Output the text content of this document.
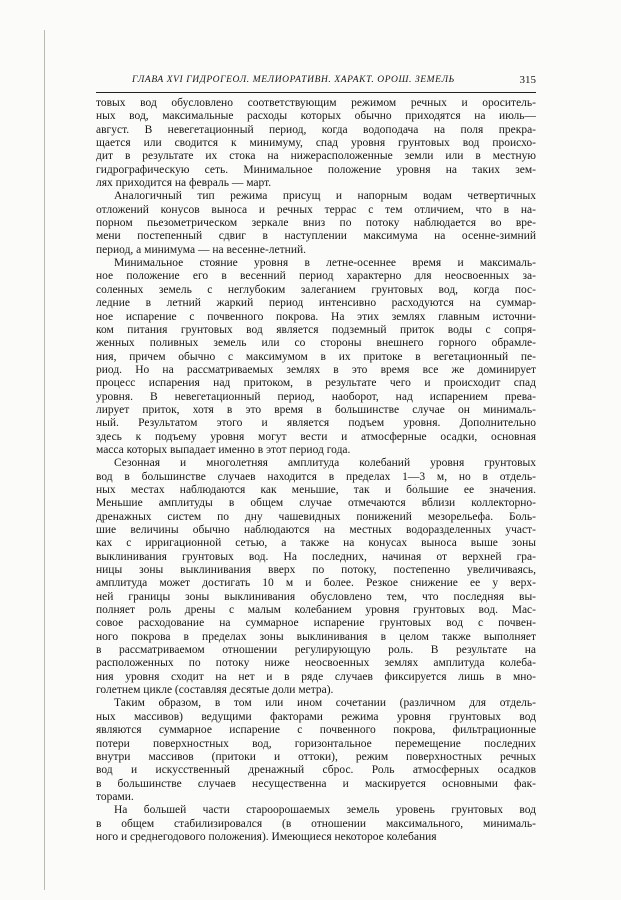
ГЛАВА XVI ГИДРОГЕОЛ. МЕЛИОРАТИВН. ХАРАКТ. ОРОШ. ЗЕМЕЛЬ	315
товых вод обусловлено соответствующим режимом речных и ороситель-
ных вод, максимальные расходы которых обычно приходятся на июль—
август. В невегетационный период, когда водоподача на поля прекра-
щается или сводится к минимуму, спад уровня грунтовых вод происхо-
дит в результате их стока на нижерасположенные земли или в местную
гидрографическую сеть. Минимальное положение уровня на таких зем-
лях приходится на февраль — март.
Аналогичный тип режима присущ и напорным водам четвертичных
отложений конусов выноса и речных террас с тем отличием, что в на-
порном пьезометрическом зеркале вниз по потоку наблюдается во вре-
мени постепенный сдвиг в наступлении максимума на осенне-зимний
период, а минимума — на весенне-летний.
Минимальное стояние уровня в летне-осеннее время и максималь-
ное положение его в весенний период характерно для неосвоенных за-
соленных земель с неглубоким залеганием грунтовых вод, когда пос-
ледние в летний жаркий период интенсивно расходуются на суммар-
ное испарение с почвенного покрова. На этих землях главным источни-
ком питания грунтовых вод является подземный приток воды с сопря-
женных поливных земель или со стороны внешнего горного обрамле-
ния, причем обычно с максимумом в их притоке в вегетационный пе-
риод. Но на рассматриваемых землях в это время все же доминирует
процесс испарения над притоком, в результате чего и происходит спад
уровня. В невегетационный период, наоборот, над испарением прева-
лирует приток, хотя в это время в большинстве случае он минималь-
ный. Результатом этого и является подъем уровня. Дополнительно
здесь к подъему уровня могут вести и атмосферные осадки, основная
масса которых выпадает именно в этот период года.
Сезонная и многолетняя амплитуда колебаний уровня грунтовых
вод в большинстве случаев находится в пределах 1—3 м, но в отдель-
ных местах наблюдаются как меньшие, так и бо́льшие ее значения.
Меньшие амплитуды в общем случае отмечаются вблизи коллекторно-
дренажных систем по дну чашевидных понижений мезорельефа. Боль-
шие величины обычно наблюдаются на местных водоразделенных участ-
ках с ирригационной сетью, а также на конусах выноса выше зоны
выклинивания грунтовых вод. На последних, начиная от верхней гра-
ницы зоны выклинивания вверх по потоку, постепенно увеличиваясь,
амплитуда может достигать 10 м и более. Резкое снижение ее у верх-
ней границы зоны выклинивания обусловлено тем, что последняя вы-
полняет роль дрены с малым колебанием уровня грунтовых вод. Мас-
совое расходование на суммарное испарение грунтовых вод с почвен-
ного покрова в пределах зоны выклинивания в целом также выполняет
в рассматриваемом отношении регулирующую роль. В результате на
расположенных по потоку ниже неосвоенных землях амплитуда колеба-
ния уровня сходит на нет и в ряде случаев фиксируется лишь в мно-
голетнем цикле (составляя десятые доли метра).
Таким образом, в том или ином сочетании (различном для отдель-
ных массивов) ведущими факторами режима уровня грунтовых вод
являются суммарное испарение с почвенного покрова, фильтрационные
потери поверхностных вод, горизонтальное перемещение последних
внутри массивов (притоки и оттоки), режим поверхностных речных
вод и искусственный дренажный сброс. Роль атмосферных осадков
в большинстве случаев несущественна и маскируется основными фак-
торами.
На большей части староорошаемых земель уровень грунтовых вод
в общем стабилизировался (в отношении максимального, минималь-
ного и среднегодового положения). Имеющиеся некоторое колебания
